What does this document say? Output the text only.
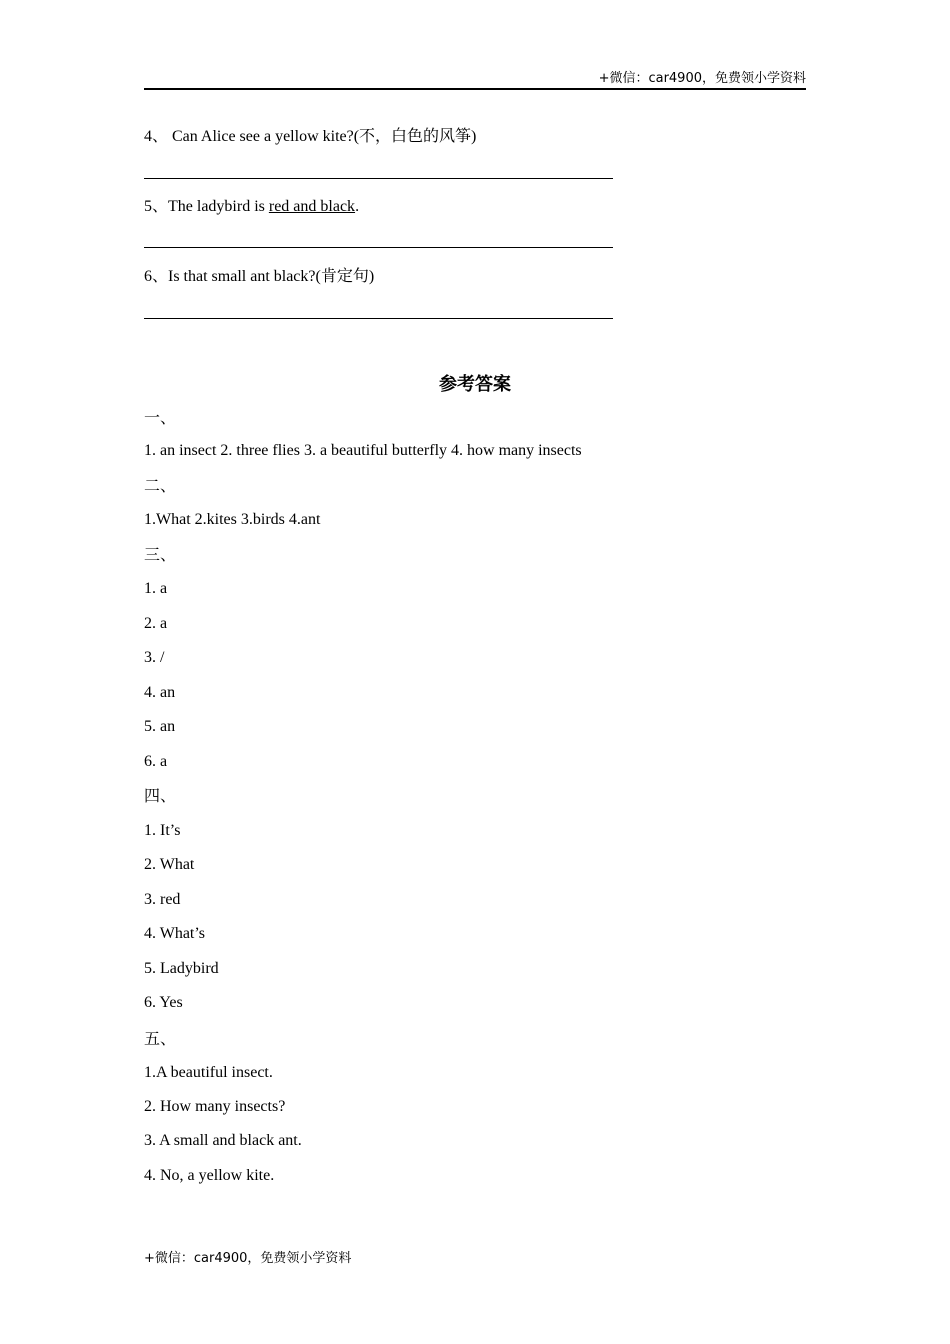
+微信：car4900，免费领小学资料
4、 Can Alice see a yellow kite?(不，白色的风筝)
5、The ladybird is red and black.
6、Is that small ant black?(肯定句)
参考答案
一、
1. an insect 2. three flies 3. a beautiful butterfly 4. how many insects
二、
1.What 2.kites 3.birds 4.ant
三、
1. a
2. a
3. /
4. an
5. an
6. a
四、
1. It’s
2. What
3. red
4. What’s
5. Ladybird
6. Yes
五、
1.A beautiful insect.
2. How many insects?
3. A small and black ant.
4. No, a yellow kite.
+微信：car4900，免费领小学资料
